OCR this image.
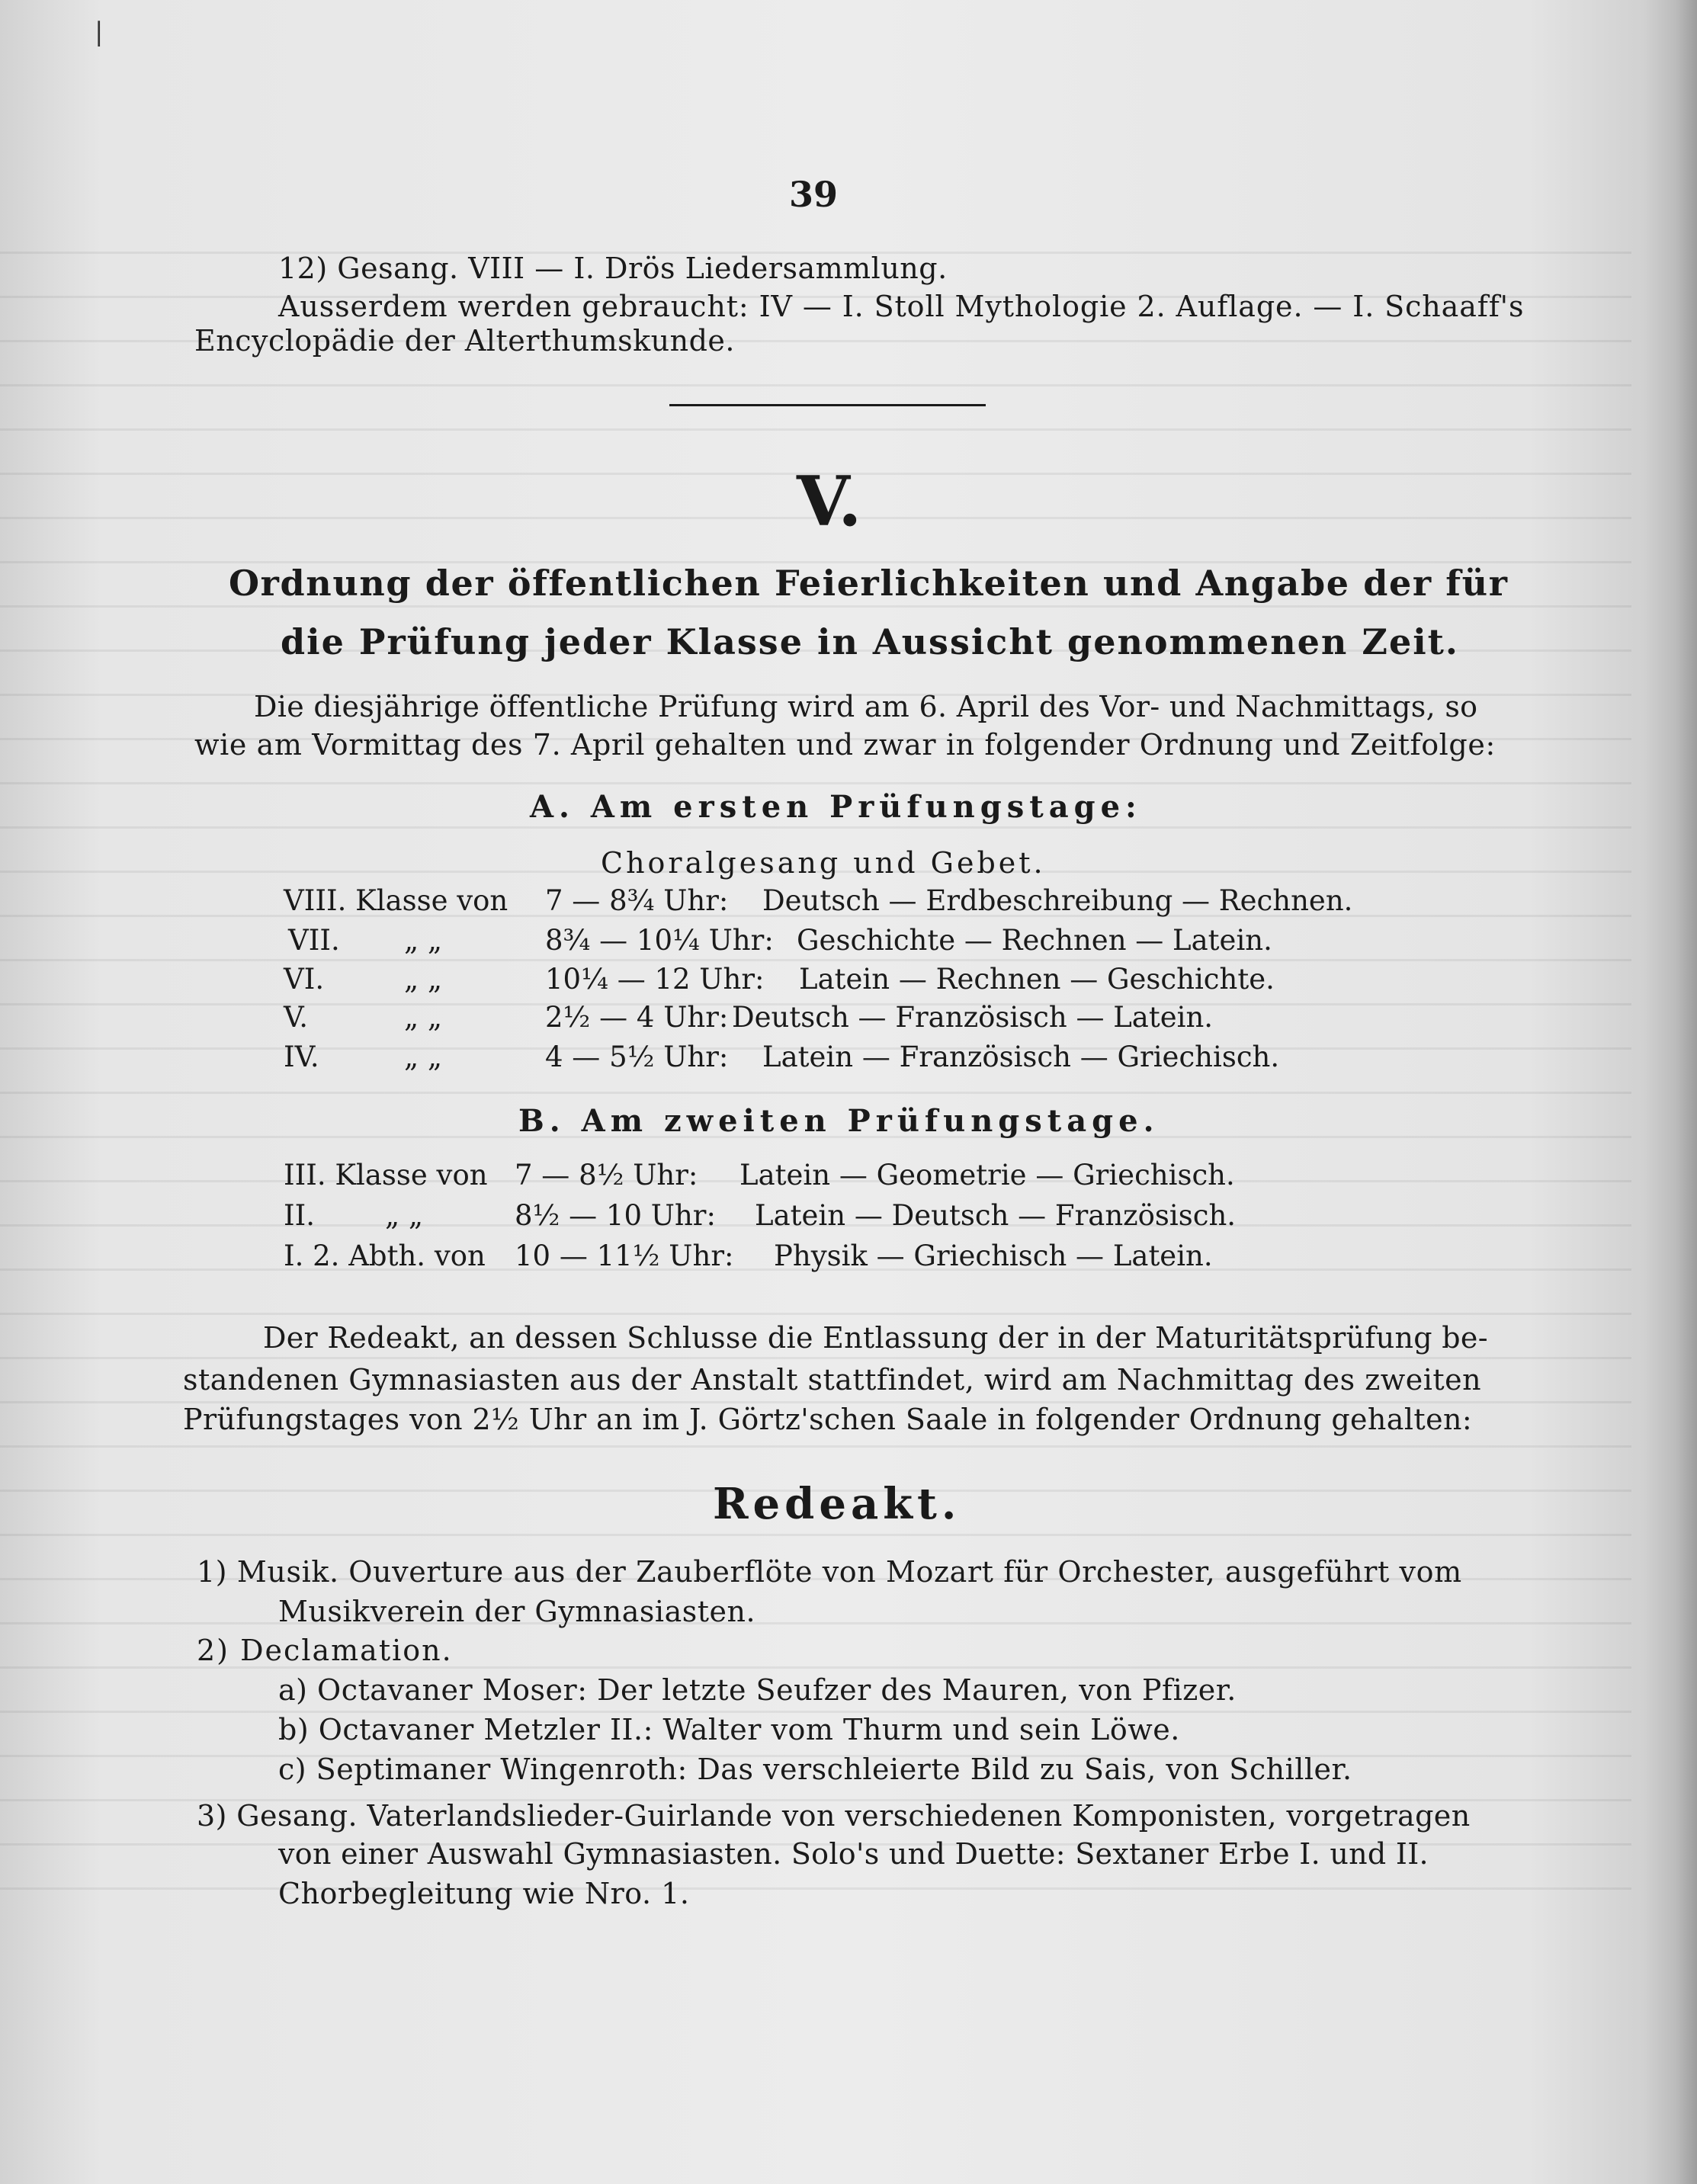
|
39
12) Gesang. VIII — I. Drös Liedersammlung.
Ausserdem werden gebraucht: IV — I. Stoll Mythologie 2. Auflage. — I. Schaaff's
Encyclopädie der Alterthumskunde.
V.
Ordnung der öffentlichen Feierlichkeiten und Angabe der für
die Prüfung jeder Klasse in Aussicht genommenen Zeit.
Die diesjährige öffentliche Prüfung wird am 6. April des Vor- und Nachmittags, so
wie am Vormittag des 7. April gehalten und zwar in folgender Ordnung und Zeitfolge:
A. Am ersten Prüfungstage:
Choralgesang und Gebet.
VIII. Klasse von 7 — 8¾ Uhr: Deutsch — Erdbeschreibung — Rechnen.
VII. „ „	8¾ — 10¼ Uhr: Geschichte — Rechnen — Latein.
VI.	„ „	10¼ — 12 Uhr: Latein — Rechnen — Geschichte.
V.	„ „	2½ — 4 Uhr: Deutsch — Französisch — Latein.
IV.	„ „	4 — 5½ Uhr: Latein — Französisch — Griechisch.
B. Am zweiten Prüfungstage.
III. Klasse von 7 — 8½ Uhr: Latein — Geometrie — Griechisch.
II. „ „	8½ — 10 Uhr: Latein — Deutsch — Französisch.
I. 2. Abth. von 10 — 11½ Uhr: Physik — Griechisch — Latein.
Der Redeakt, an dessen Schlusse die Entlassung der in der Maturitätsprüfung be-
standenen Gymnasiasten aus der Anstalt stattfindet, wird am Nachmittag des zweiten
Prüfungstages von 2½ Uhr an im J. Görtz'schen Saale in folgender Ordnung gehalten:
Redeakt.
1) Musik. Ouverture aus der Zauberflöte von Mozart für Orchester, ausgeführt vom
Musikverein der Gymnasiasten.
2) Declamation.
a) Octavaner Moser: Der letzte Seufzer des Mauren, von Pfizer.
b) Octavaner Metzler II.: Walter vom Thurm und sein Löwe.
c) Septimaner Wingenroth: Das verschleierte Bild zu Sais, von Schiller.
3) Gesang. Vaterlandslieder-Guirlande von verschiedenen Komponisten, vorgetragen
von einer Auswahl Gymnasiasten. Solo's und Duette: Sextaner Erbe I. und II.
Chorbegleitung wie Nro. 1.
